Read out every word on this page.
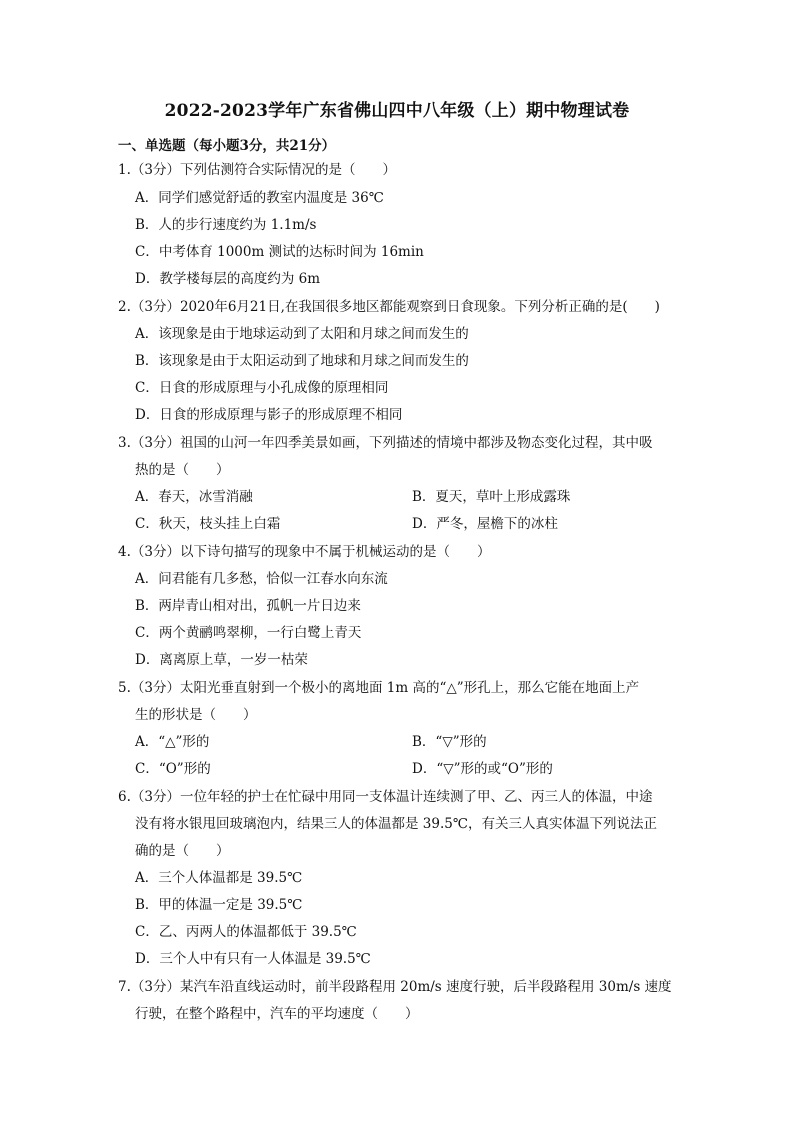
2022-2023学年广东省佛山四中八年级（上）期中物理试卷
一、单选题（每小题3分，共21分）
1.（3分）下列估测符合实际情况的是（　　）
A．同学们感觉舒适的教室内温度是 36℃
B．人的步行速度约为 1.1m/s
C．中考体育 1000m 测试的达标时间为 16min
D．教学楼每层的高度约为 6m
2.（3分）2020年6月21日,在我国很多地区都能观察到日食现象。下列分析正确的是(　　)
A．该现象是由于地球运动到了太阳和月球之间而发生的
B．该现象是由于太阳运动到了地球和月球之间而发生的
C．日食的形成原理与小孔成像的原理相同
D．日食的形成原理与影子的形成原理不相同
3.（3分）祖国的山河一年四季美景如画，下列描述的情境中都涉及物态变化过程，其中吸
热的是（　　）
A．春天，冰雪消融	B．夏天，草叶上形成露珠
C．秋天，枝头挂上白霜	D．严冬，屋檐下的冰柱
4.（3分）以下诗句描写的现象中不属于机械运动的是（　　）
A．问君能有几多愁，恰似一江春水向东流
B．两岸青山相对出，孤帆一片日边来
C．两个黄鹂鸣翠柳，一行白鹭上青天
D．离离原上草，一岁一枯荣
5.（3分）太阳光垂直射到一个极小的离地面 1m 高的“△”形孔上，那么它能在地面上产
生的形状是（　　）
A．“△”形的	B．“▽”形的
C．“O”形的	D．“▽”形的或“O”形的
6.（3分）一位年轻的护士在忙碌中用同一支体温计连续测了甲、乙、丙三人的体温，中途
没有将水银甩回玻璃泡内，结果三人的体温都是 39.5℃，有关三人真实体温下列说法正
确的是（　　）
A．三个人体温都是 39.5℃
B．甲的体温一定是 39.5℃
C．乙、丙两人的体温都低于 39.5℃
D．三个人中有只有一人体温是 39.5℃
7.（3分）某汽车沿直线运动时，前半段路程用 20m/s 速度行驶，后半段路程用 30m/s 速度
行驶，在整个路程中，汽车的平均速度（　　）
